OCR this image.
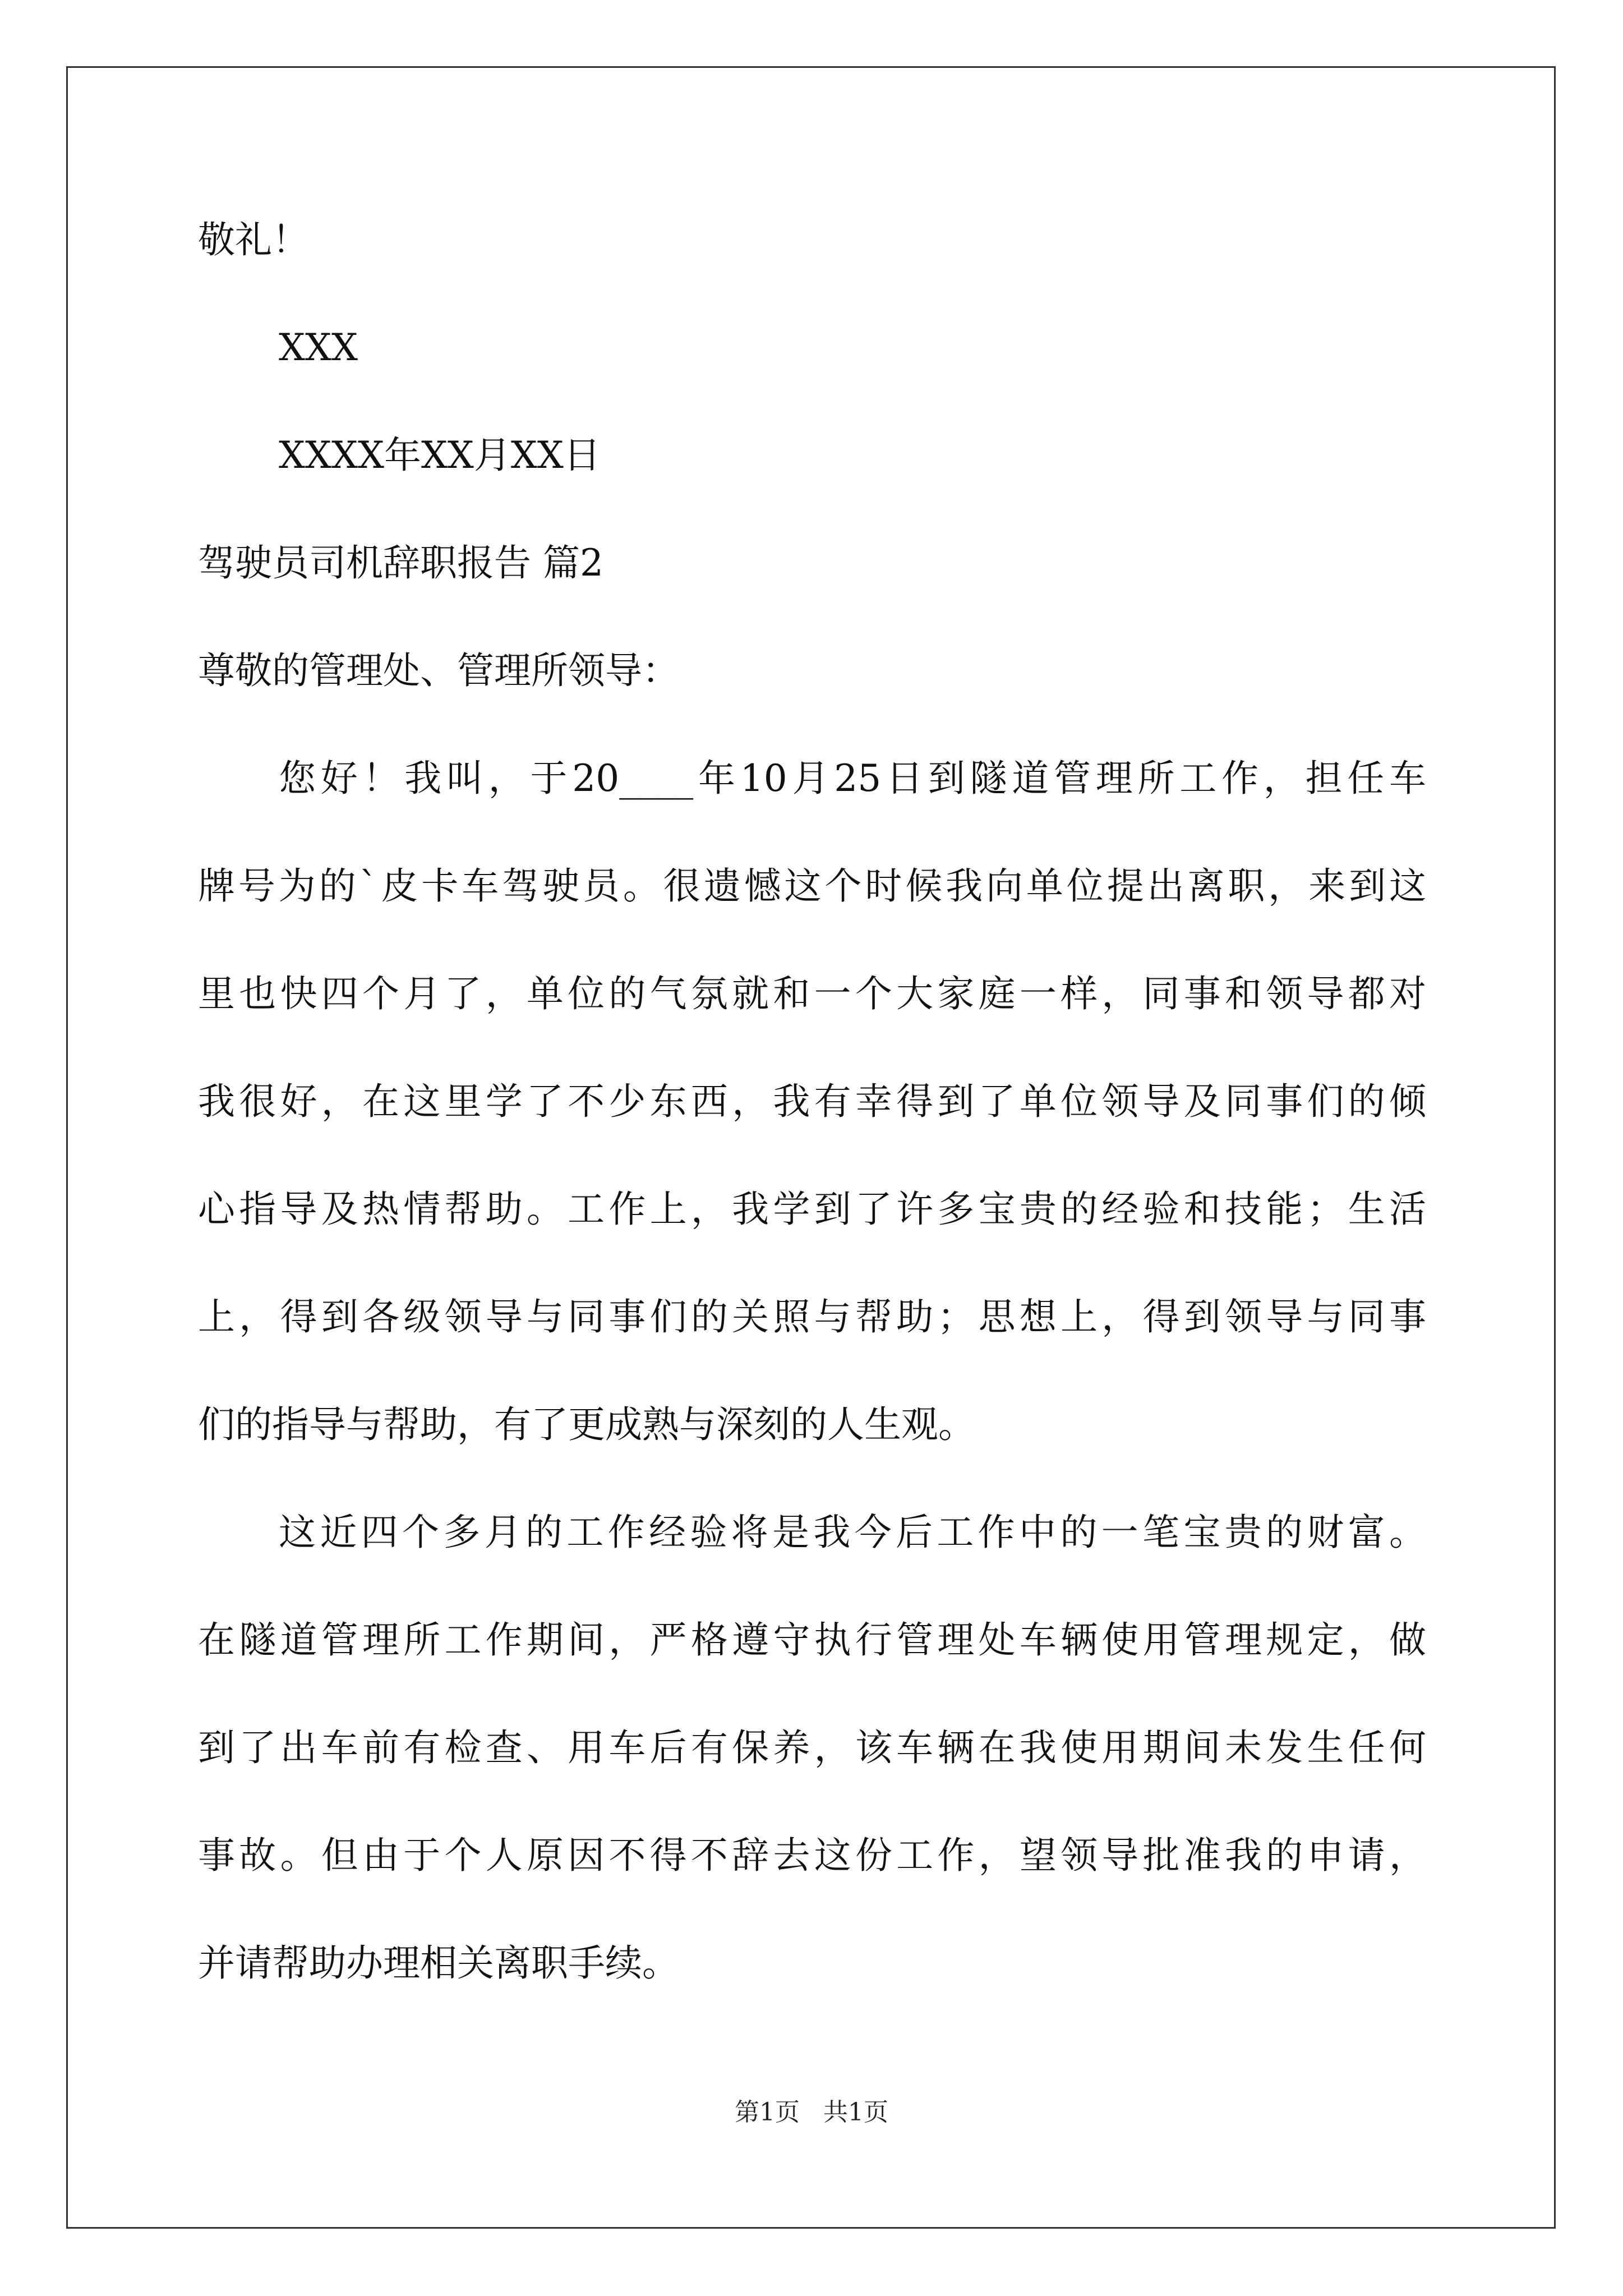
敬礼！
XXX
XXXX年XX月XX日
驾驶员司机辞职报告 篇2
尊敬的管理处、管理所领导：
您好！我叫，于20____年10月25日到隧道管理所工作，担任车
牌号为的`皮卡车驾驶员。很遗憾这个时候我向单位提出离职，来到这
里也快四个月了，单位的气氛就和一个大家庭一样，同事和领导都对
我很好，在这里学了不少东西，我有幸得到了单位领导及同事们的倾
心指导及热情帮助。工作上，我学到了许多宝贵的经验和技能；生活
上，得到各级领导与同事们的关照与帮助；思想上，得到领导与同事
们的指导与帮助，有了更成熟与深刻的人生观。
这近四个多月的工作经验将是我今后工作中的一笔宝贵的财富。
在隧道管理所工作期间，严格遵守执行管理处车辆使用管理规定，做
到了出车前有检查、用车后有保养，该车辆在我使用期间未发生任何
事故。但由于个人原因不得不辞去这份工作，望领导批准我的申请，
并请帮助办理相关离职手续。
第1页   共1页
